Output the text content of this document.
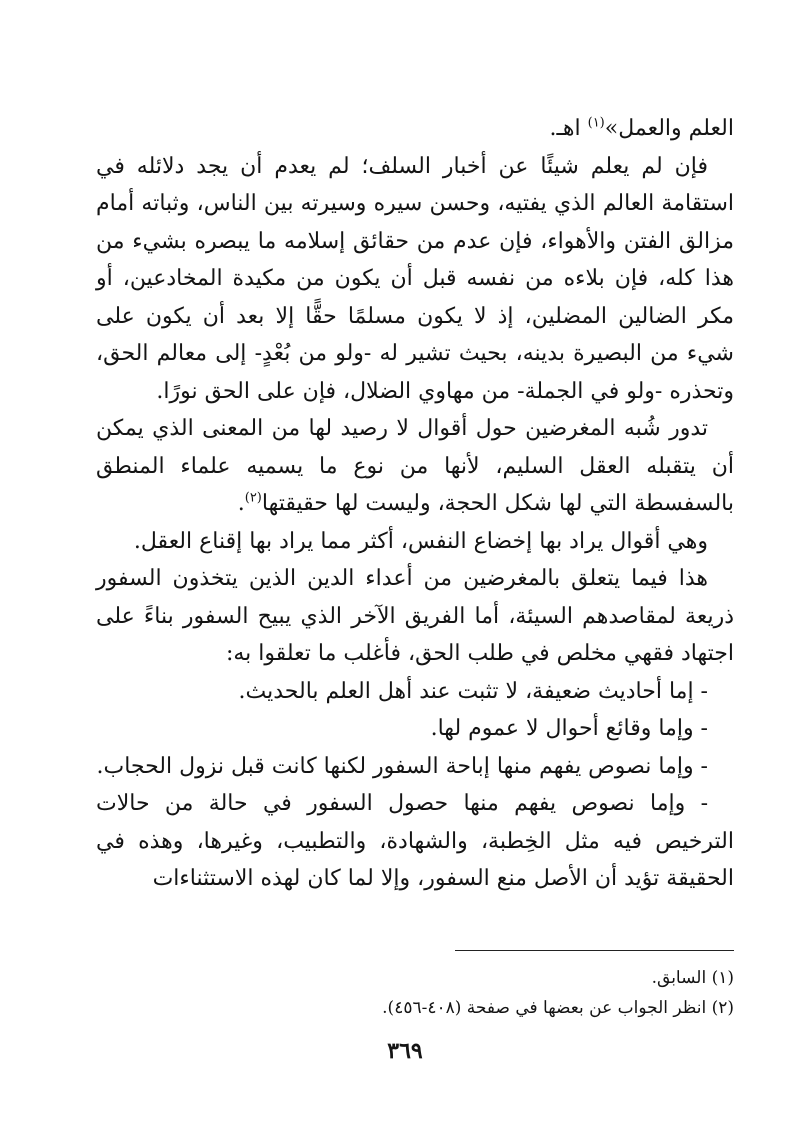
العلم والعمل»$^{(١)}$ اهـ.

فإن لم يعلم شيئًا عن أخبار السلف؛ لم يعدم أن يجد دلائله في استقامة العالم الذي يفتيه، وحسن سيره وسيرته بين الناس، وثباته أمام مزالق الفتن والأهواء، فإن عدم من حقائق إسلامه ما يبصره بشيء من هذا كله، فإن بلاءه من نفسه قبل أن يكون من مكيدة المخادعين، أو مكر الضالين المضلين، إذ لا يكون مسلمًا حقًّا إلا بعد أن يكون على شيء من البصيرة بدينه، بحيث تشير له -ولو من بُعْدٍ- إلى معالم الحق، وتحذره -ولو في الجملة- من مهاوي الضلال، فإن على الحق نورًا.

تدور شُبه المغرضين حول أقوال لا رصيد لها من المعنى الذي يمكن أن يتقبله العقل السليم، لأنها من نوع ما يسميه علماء المنطق بالسفسطة التي لها شكل الحجة، وليست لها حقيقتها$^{(٢)}$.

وهي أقوال يراد بها إخضاع النفس، أكثر مما يراد بها إقناع العقل.

هذا فيما يتعلق بالمغرضين من أعداء الدين الذين يتخذون السفور ذريعة لمقاصدهم السيئة، أما الفريق الآخر الذي يبيح السفور بناءً على اجتهاد فقهي مخلص في طلب الحق، فأغلب ما تعلقوا به:

- إما أحاديث ضعيفة، لا تثبت عند أهل العلم بالحديث.

- وإما وقائع أحوال لا عموم لها.

- وإما نصوص يفهم منها إباحة السفور لكنها كانت قبل نزول الحجاب.

- وإما نصوص يفهم منها حصول السفور في حالة من حالات الترخيص فيه مثل الخِطبة، والشهادة، والتطبيب، وغيرها، وهذه في الحقيقة تؤيد أن الأصل منع السفور، وإلا لما كان لهذه الاستثناءات

(١) السابق.

(٢) انظر الجواب عن بعضها في صفحة (٤٠٨-٤٥٦).

٣٦٩
